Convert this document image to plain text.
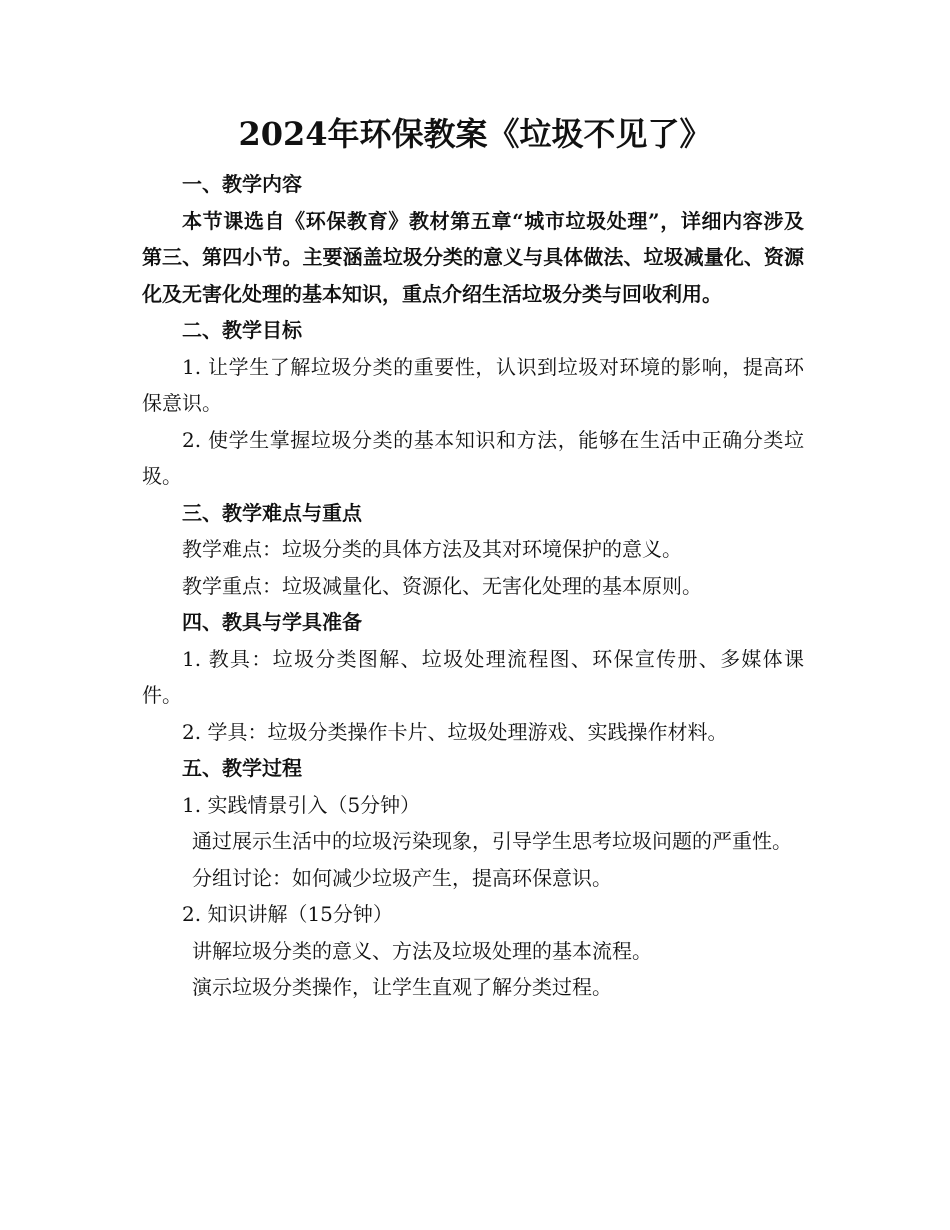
2024年环保教案《垃圾不见了》

一、教学内容

本节课选自《环保教育》教材第五章“城市垃圾处理”，详细内容涉及第三、第四小节。主要涵盖垃圾分类的意义与具体做法、垃圾减量化、资源化及无害化处理的基本知识，重点介绍生活垃圾分类与回收利用。

二、教学目标

1. 让学生了解垃圾分类的重要性，认识到垃圾对环境的影响，提高环保意识。

2. 使学生掌握垃圾分类的基本知识和方法，能够在生活中正确分类垃圾。

三、教学难点与重点

教学难点：垃圾分类的具体方法及其对环境保护的意义。

教学重点：垃圾减量化、资源化、无害化处理的基本原则。

四、教具与学具准备

1. 教具：垃圾分类图解、垃圾处理流程图、环保宣传册、多媒体课件。

2. 学具：垃圾分类操作卡片、垃圾处理游戏、实践操作材料。

五、教学过程

1. 实践情景引入（5分钟）

通过展示生活中的垃圾污染现象，引导学生思考垃圾问题的严重性。

分组讨论：如何减少垃圾产生，提高环保意识。

2. 知识讲解（15分钟）

讲解垃圾分类的意义、方法及垃圾处理的基本流程。

演示垃圾分类操作，让学生直观了解分类过程。
